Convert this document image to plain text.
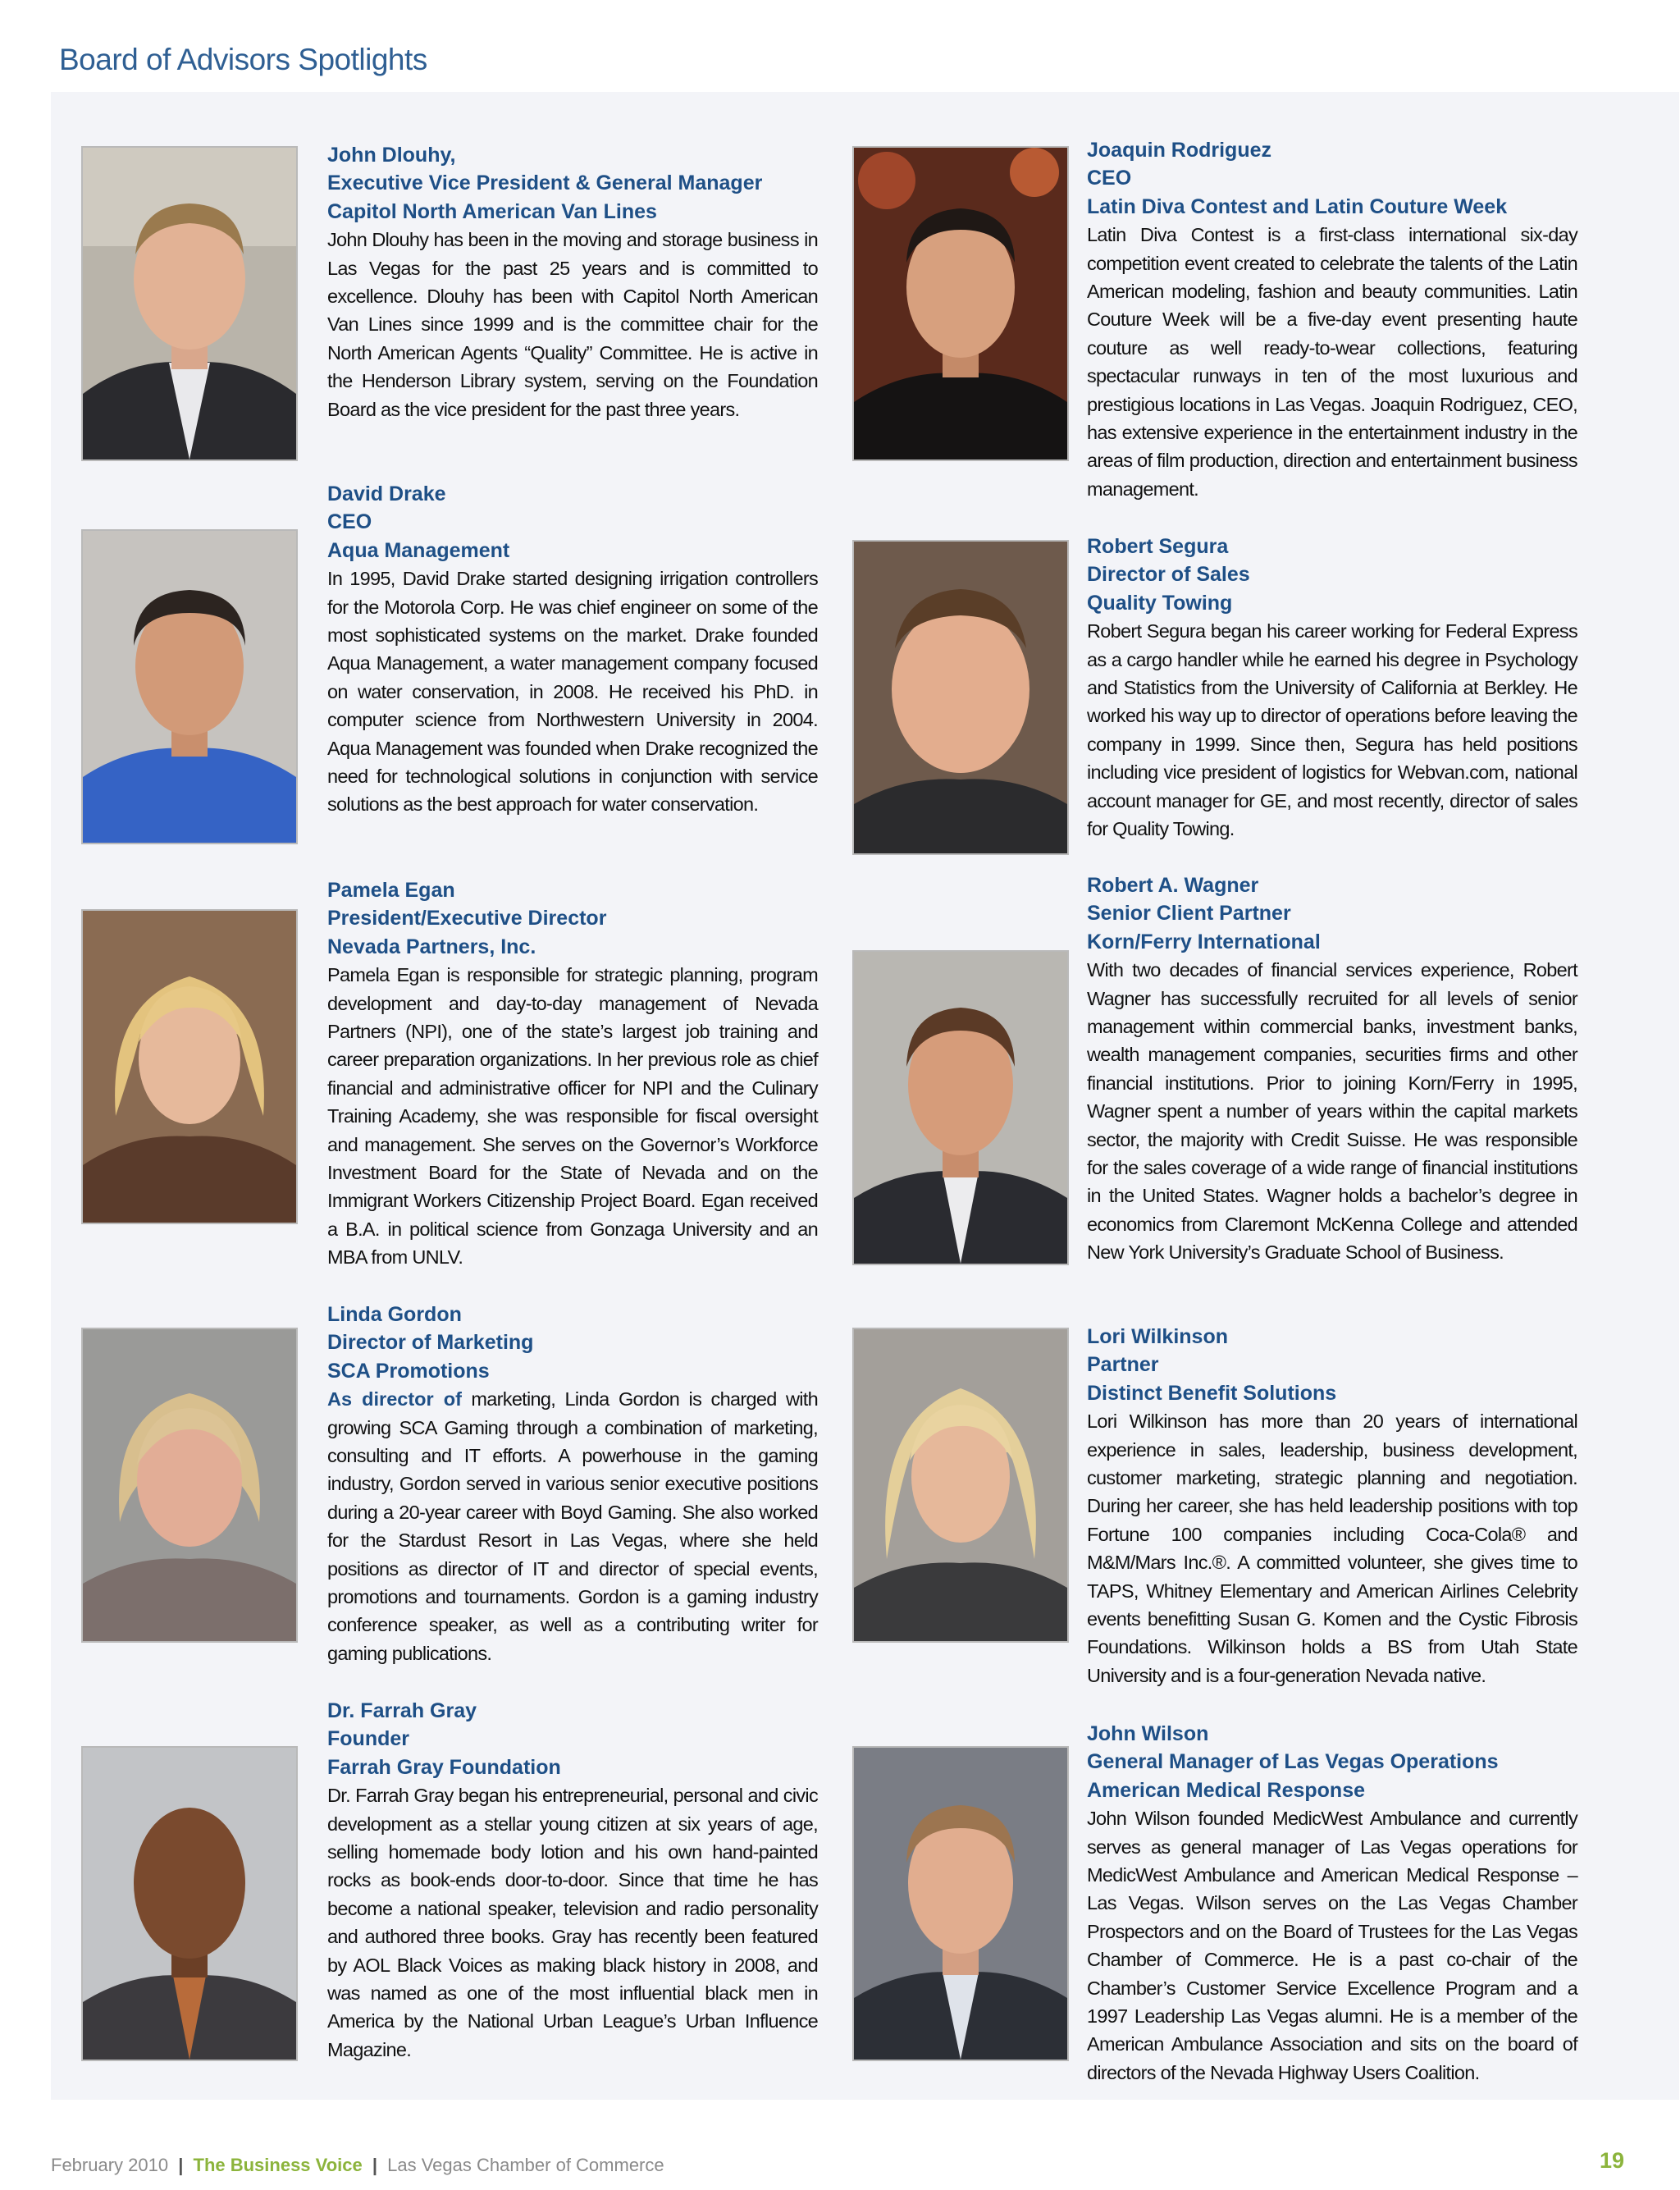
Board of Advisors Spotlights
John Dlouhy,
Executive Vice President & General Manager
Capitol North American Van Lines
John Dlouhy has been in the moving and storage business in Las Vegas for the past 25 years and is committed to excellence. Dlouhy has been with Capitol North American Van Lines since 1999 and is the committee chair for the North American Agents “Quality” Committee. He is active in the Henderson Library system, serving on the Foundation Board as the vice president for the past three years.
David Drake
CEO
Aqua Management
In 1995, David Drake started designing irrigation controllers for the Motorola Corp. He was chief engineer on some of the most sophisticated systems on the market. Drake founded Aqua Management, a water management company focused on water conservation, in 2008. He received his PhD. in computer science from Northwestern University in 2004. Aqua Management was founded when Drake recognized the need for technological solutions in conjunction with service solutions as the best approach for water conservation.
Pamela Egan
President/Executive Director
Nevada Partners, Inc.
Pamela Egan is responsible for strategic planning, program development and day-to-day management of Nevada Partners (NPI), one of the state’s largest job training and career preparation organizations. In her previous role as chief financial and administrative officer for NPI and the Culinary Training Academy, she was responsible for fiscal oversight and management. She serves on the Governor’s Workforce Investment Board for the State of Nevada and on the Immigrant Workers Citizenship Project Board. Egan received a B.A. in political science from Gonzaga University and an MBA from UNLV.
Linda Gordon
Director of Marketing
SCA Promotions
As director of marketing, Linda Gordon is charged with growing SCA Gaming through a combination of marketing, consulting and IT efforts. A powerhouse in the gaming industry, Gordon served in various senior executive positions during a 20-year career with Boyd Gaming. She also worked for the Stardust Resort in Las Vegas, where she held positions as director of IT and director of special events, promotions and tournaments. Gordon is a gaming industry conference speaker, as well as a contributing writer for gaming publications.
Dr. Farrah Gray
Founder
Farrah Gray Foundation
Dr. Farrah Gray began his entrepreneurial, personal and civic development as a stellar young citizen at six years of age, selling homemade body lotion and his own hand-painted rocks as book-ends door-to-door. Since that time he has become a national speaker, television and radio personality and authored three books. Gray has recently been featured by AOL Black Voices as making black history in 2008, and was named as one of the most influential black men in America by the National Urban League’s Urban Influence Magazine.
Joaquin Rodriguez
CEO
Latin Diva Contest and Latin Couture Week
Latin Diva Contest is a first-class international six-day competition event created to celebrate the talents of the Latin American modeling, fashion and beauty communities. Latin Couture Week will be a five-day event presenting haute couture as well ready-to-wear collections, featuring spectacular runways in ten of the most luxurious and prestigious locations in Las Vegas. Joaquin Rodriguez, CEO, has extensive experience in the entertainment industry in the areas of film production, direction and entertainment business management.
Robert Segura
Director of Sales
Quality Towing
Robert Segura began his career working for Federal Express as a cargo handler while he earned his degree in Psychology and Statistics from the University of California at Berkley. He worked his way up to director of operations before leaving the company in 1999. Since then, Segura has held positions including vice president of logistics for Webvan.com, national account manager for GE, and most recently, director of sales for Quality Towing.
Robert A. Wagner
Senior Client Partner
Korn/Ferry International
With two decades of financial services experience, Robert Wagner has successfully recruited for all levels of senior management within commercial banks, investment banks, wealth management companies, securities firms and other financial institutions. Prior to joining Korn/Ferry in 1995, Wagner spent a number of years within the capital markets sector, the majority with Credit Suisse. He was responsible for the sales coverage of a wide range of financial institutions in the United States. Wagner holds a bachelor’s degree in economics from Claremont McKenna College and attended New York University’s Graduate School of Business.
Lori Wilkinson
Partner
Distinct Benefit Solutions
Lori Wilkinson has more than 20 years of international experience in sales, leadership, business development, customer marketing, strategic planning and negotiation. During her career, she has held leadership positions with top Fortune 100 companies including Coca-Cola® and M&M/Mars Inc.®. A committed volunteer, she gives time to TAPS, Whitney Elementary and American Airlines Celebrity events benefitting Susan G. Komen and the Cystic Fibrosis Foundations. Wilkinson holds a BS from Utah State University and is a four-generation Nevada native.
John Wilson
General Manager of Las Vegas Operations
American Medical Response
John Wilson founded MedicWest Ambulance and currently serves as general manager of Las Vegas operations for MedicWest Ambulance and American Medical Response – Las Vegas. Wilson serves on the Las Vegas Chamber Prospectors and on the Board of Trustees for the Las Vegas Chamber of Commerce. He is a past co-chair of the Chamber’s Customer Service Excellence Program and a 1997 Leadership Las Vegas alumni. He is a member of the American Ambulance Association and sits on the board of directors of the Nevada Highway Users Coalition.
February 2010 | The Business Voice | Las Vegas Chamber of Commerce	19
